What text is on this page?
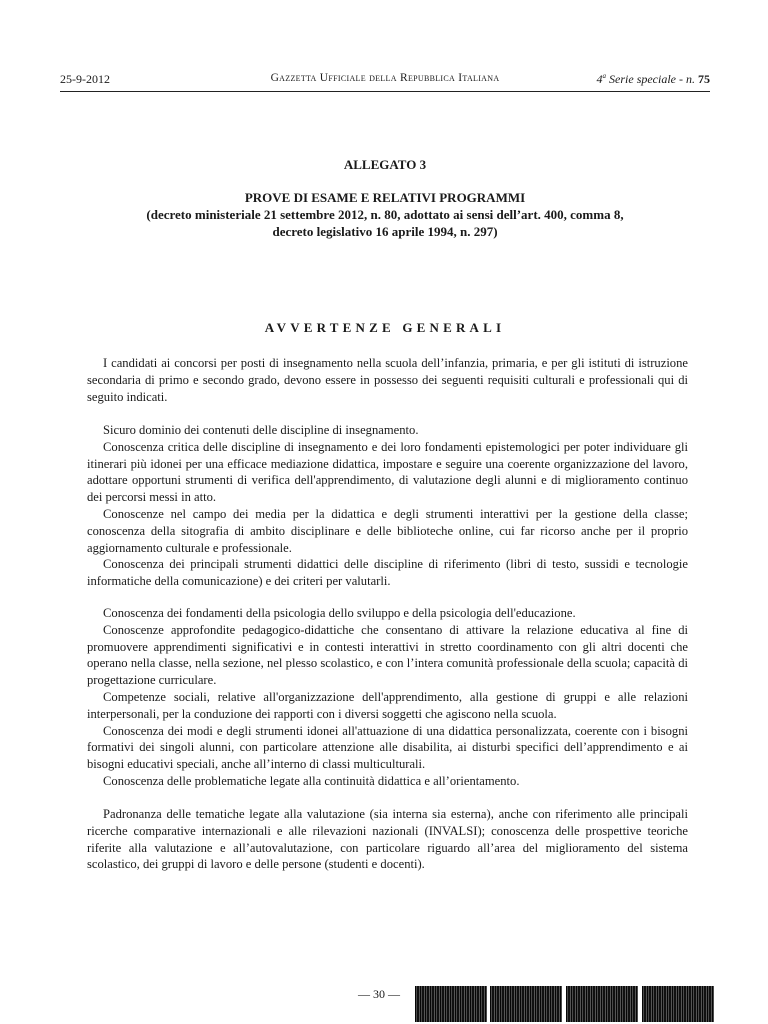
25-9-2012	Gazzetta Ufficiale della Repubblica Italiana	4$^a$ Serie speciale - n. 75
ALLEGATO 3
PROVE DI ESAME E RELATIVI PROGRAMMI
(decreto ministeriale 21 settembre 2012, n. 80, adottato ai sensi dell’art. 400, comma 8,
decreto legislativo 16 aprile 1994, n. 297)
AVVERTENZE GENERALI

I candidati ai concorsi per posti di insegnamento nella scuola dell’infanzia, primaria, e per gli istituti di istruzione secondaria di primo e secondo grado, devono essere in possesso dei seguenti requisiti culturali e professionali qui di seguito indicati.

Sicuro dominio dei contenuti delle discipline di insegnamento.

Conoscenza critica delle discipline di insegnamento e dei loro fondamenti epistemologici per poter individuare gli itinerari più idonei per una efficace mediazione didattica, impostare e seguire una coerente organizzazione del lavoro, adottare opportuni strumenti di verifica dell'apprendimento, di valutazione degli alunni e di miglioramento continuo dei percorsi messi in atto.

Conoscenze nel campo dei media per la didattica e degli strumenti interattivi per la gestione della classe; conoscenza della sitografia di ambito disciplinare e delle biblioteche online, cui far ricorso anche per il proprio aggiornamento culturale e professionale.

Conoscenza dei principali strumenti didattici delle discipline di riferimento (libri di testo, sussidi e tecnologie informatiche della comunicazione) e dei criteri per valutarli.

Conoscenza dei fondamenti della psicologia dello sviluppo e della psicologia dell'educazione.

Conoscenze approfondite pedagogico-didattiche che consentano di attivare la relazione educativa al fine di promuovere apprendimenti significativi e in contesti interattivi in stretto coordinamento con gli altri docenti che operano nella classe, nella sezione, nel plesso scolastico, e con l’intera comunità professionale della scuola; capacità di progettazione curriculare.

Competenze sociali, relative all'organizzazione dell'apprendimento, alla gestione di gruppi e alle relazioni interpersonali, per la conduzione dei rapporti con i diversi soggetti che agiscono nella scuola.

Conoscenza dei modi e degli strumenti idonei all'attuazione di una didattica personalizzata, coerente con i bisogni formativi dei singoli alunni, con particolare attenzione alle disabilita, ai disturbi specifici dell’apprendimento e ai bisogni educativi speciali, anche all’interno di classi multiculturali.

Conoscenza delle problematiche legate alla continuità didattica e all’orientamento.

Padronanza delle tematiche legate alla valutazione (sia interna sia esterna), anche con riferimento alle principali ricerche comparative internazionali e alle rilevazioni nazionali (INVALSI); conoscenza delle prospettive teoriche riferite alla valutazione e all’autovalutazione, con particolare riguardo all’area del miglioramento del sistema scolastico, dei gruppi di lavoro e delle persone (studenti e docenti).

— 30 —
